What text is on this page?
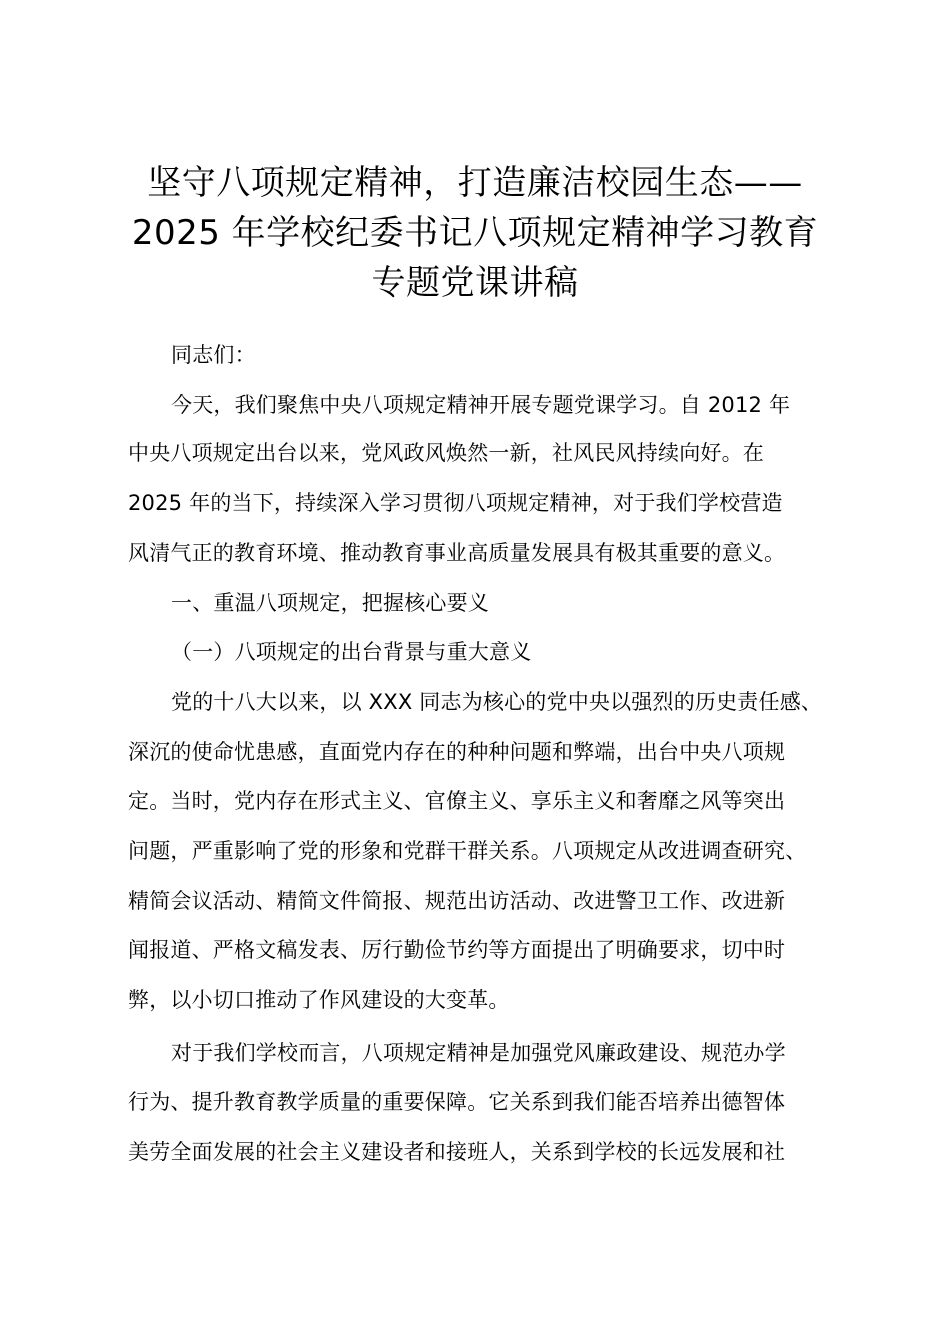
坚守八项规定精神，打造廉洁校园生态——
2025 年学校纪委书记八项规定精神学习教育
专题党课讲稿
同志们：
今天，我们聚焦中央八项规定精神开展专题党课学习。自 2012 年
中央八项规定出台以来，党风政风焕然一新，社风民风持续向好。在
2025 年的当下，持续深入学习贯彻八项规定精神，对于我们学校营造
风清气正的教育环境、推动教育事业高质量发展具有极其重要的意义。
一、重温八项规定，把握核心要义
（一）八项规定的出台背景与重大意义
党的十八大以来，以 XXX 同志为核心的党中央以强烈的历史责任感、
深沉的使命忧患感，直面党内存在的种种问题和弊端，出台中央八项规
定。当时，党内存在形式主义、官僚主义、享乐主义和奢靡之风等突出
问题，严重影响了党的形象和党群干群关系。八项规定从改进调查研究、
精简会议活动、精简文件简报、规范出访活动、改进警卫工作、改进新
闻报道、严格文稿发表、厉行勤俭节约等方面提出了明确要求，切中时
弊，以小切口推动了作风建设的大变革。
对于我们学校而言，八项规定精神是加强党风廉政建设、规范办学
行为、提升教育教学质量的重要保障。它关系到我们能否培养出德智体
美劳全面发展的社会主义建设者和接班人，关系到学校的长远发展和社
